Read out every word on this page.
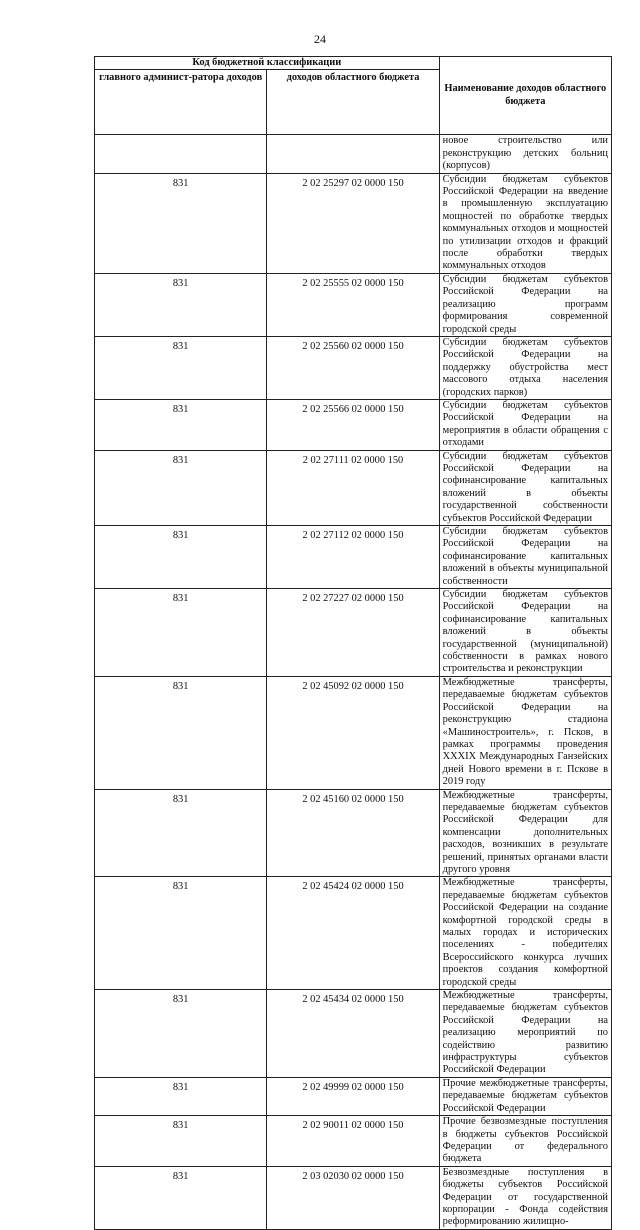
24
Код бюджетной классификации		Наименование доходов областного бюджета
главного админист-ратора доходов	доходов областного бюджета	
		новое строительство или реконструкцию детских больниц (корпусов)
831	2 02 25297 02 0000 150	Субсидии бюджетам субъектов Российской Федерации на введение в промышленную эксплуатацию мощностей по обработке твердых коммунальных отходов и мощностей по утилизации отходов и фракций после обработки твердых коммунальных отходов
831	2 02 25555 02 0000 150	Субсидии бюджетам субъектов Российской Федерации на реализацию программ формирования современной городской среды
831	2 02 25560 02 0000 150	Субсидии бюджетам субъектов Российской Федерации на поддержку обустройства мест массового отдыха населения (городских парков)
831	2 02 25566 02 0000 150	Субсидии бюджетам субъектов Российской Федерации на мероприятия в области обращения с отходами
831	2 02 27111 02 0000 150	Субсидии бюджетам субъектов Российской Федерации на софинансирование капитальных вложений в объекты государственной собственности субъектов Российской Федерации
831	2 02 27112 02 0000 150	Субсидии бюджетам субъектов Российской Федерации на софинансирование капитальных вложений в объекты муниципальной собственности
831	2 02 27227 02 0000 150	Субсидии бюджетам субъектов Российской Федерации на софинансирование капитальных вложений в объекты государственной (муниципальной) собственности в рамках нового строительства и реконструкции
831	2 02 45092 02 0000 150	Межбюджетные трансферты, передаваемые бюджетам субъектов Российской Федерации на реконструкцию стадиона «Машиностроитель», г. Псков, в рамках программы проведения XXXIX Международных Ганзейских дней Нового времени в г. Пскове в 2019 году
831	2 02 45160 02 0000 150	Межбюджетные трансферты, передаваемые бюджетам субъектов Российской Федерации для компенсации дополнительных расходов, возникших в результате решений, принятых органами власти другого уровня
831	2 02 45424 02 0000 150	Межбюджетные трансферты, передаваемые бюджетам субъектов Российской Федерации на создание комфортной городской среды в малых городах и исторических поселениях - победителях Всероссийского конкурса лучших проектов создания комфортной городской среды
831	2 02 45434 02 0000 150	Межбюджетные трансферты, передаваемые бюджетам субъектов Российской Федерации на реализацию мероприятий по содействию развитию инфраструктуры субъектов Российской Федерации
831	2 02 49999 02 0000 150	Прочие межбюджетные трансферты, передаваемые бюджетам субъектов Российской Федерации
831	2 02 90011 02 0000 150	Прочие безвозмездные поступления в бюджеты субъектов Российской Федерации от федерального бюджета
831	2 03 02030 02 0000 150	Безвозмездные поступления в бюджеты субъектов Российской Федерации от государственной корпорации - Фонда содействия реформированию жилищно-
